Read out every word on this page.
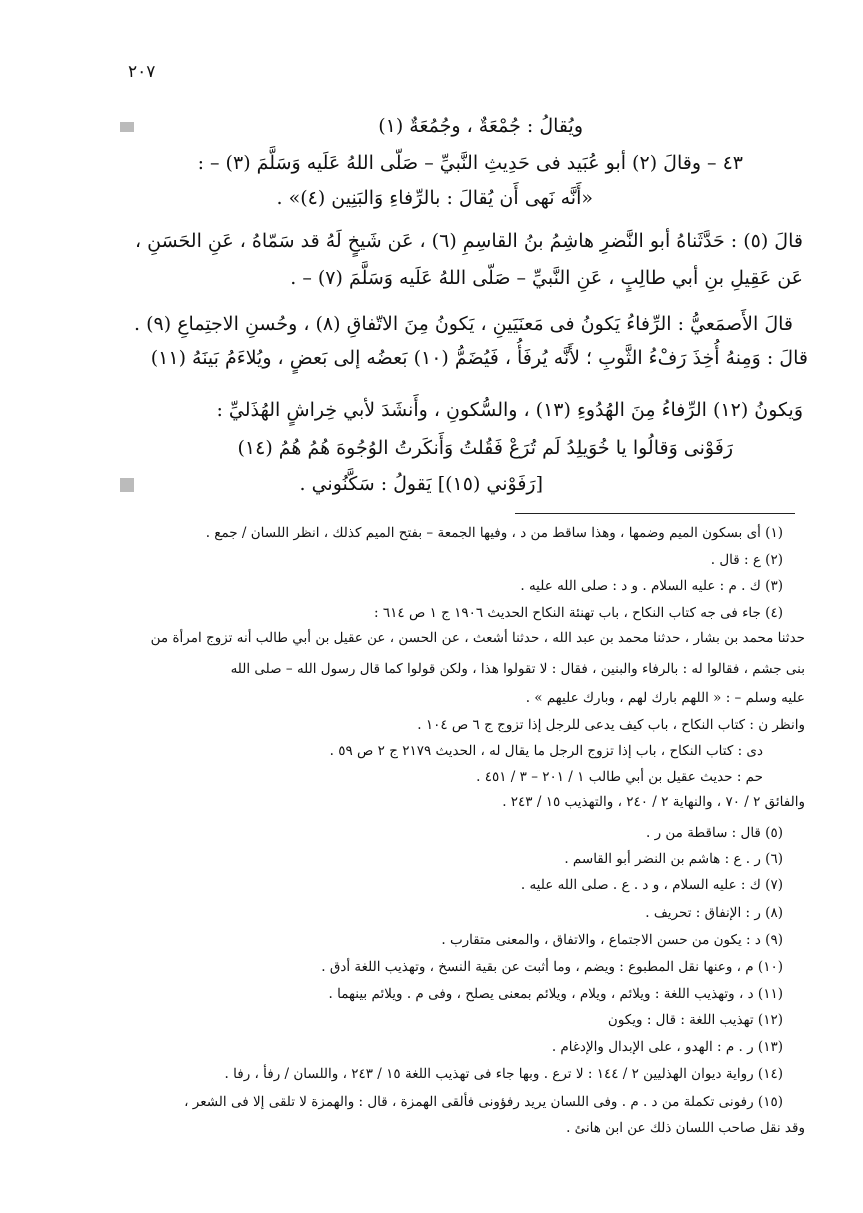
٢٠٧
ويُقالُ : جُمْعَةٌ ، وجُمُعَةٌ (١)
٤٣ – وقالَ (٢) أبو عُبَيد فى حَدِيثِ النَّبيِّ – صَلّى اللهُ عَلَيه وَسَلَّمَ (٣) – :
«أَنَّه نَهى أَن يُقالَ : بالرِّفاءِ وَالبَنِين (٤)» .
قالَ (٥) : حَدَّثَناهُ أبو النَّضرِ هاشِمُ بنُ القاسِمِ (٦) ، عَن شَيخٍ لَهُ قد سَمّاهُ ، عَنِ الحَسَنِ ،
عَن عَقِيلِ بنِ أبي طالِبٍ ، عَنِ النَّبيِّ – صَلّى اللهُ عَلَيه وَسَلَّمَ (٧) – .
قالَ الأَصمَعيُّ : الرِّفاءُ يَكونُ فى مَعنَيَينِ ، يَكونُ مِنَ الاتّفاقِ (٨) ، وحُسنِ الاجتِماعِ (٩) .
قالَ : وَمِنهُ أُخِذَ رَفْءُ الثَّوبِ ؛ لأَنَّه يُرفَأُ ، فَيُضَمُّ (١٠) بَعضُه إلى بَعضٍ ، ويُلاءَمُ بَينَهُ (١١)
وَيكونُ (١٢) الرِّفاءُ مِنَ الهُدُوءِ (١٣) ، والسُّكونِ ، وأَنشَدَ لأبي خِراشٍ الهُذَليِّ :
رَفَوْنى وَقالُوا يا خُوَيلِدُ لَم تُرَعْ فَقُلتُ وَأَنكَرتُ الوُجُوهَ هُمُ هُمُ (١٤)
[رَفَوْني (١٥)] يَقولُ : سَكَّنُوني .
(١) أى بسكون الميم وضمها ، وهذا ساقط من د ، وفيها الجمعة – بفتح الميم كذلك ، انظر اللسان / جمع .
(٢) ع : قال .
(٣) ك . م : عليه السلام . و د : صلى الله عليه .
(٤) جاء فى جه كتاب النكاح ، باب تهنئة النكاح الحديث ١٩٠٦ ج ١ ص ٦١٤ :
حدثنا محمد بن بشار ، حدثنا محمد بن عبد الله ، حدثنا أشعث ، عن الحسن ، عن عقيل بن أبي طالب أنه تزوج امرأة من
بنى جشم ، فقالوا له : بالرفاء والبنين ، فقال : لا تقولوا هذا ، ولكن قولوا كما قال رسول الله – صلى الله
عليه وسلم – : « اللهم بارك لهم ، وبارك عليهم » .
وانظر ن : كتاب النكاح ، باب كيف يدعى للرجل إذا تزوج ج ٦ ص ١٠٤ .
دى : كتاب النكاح ، باب إذا تزوج الرجل ما يقال له ، الحديث ٢١٧٩ ج ٢ ص ٥٩ .
حم : حديث عقيل بن أبي طالب ١ / ٢٠١ – ٣ / ٤٥١ .
والفائق ٢ / ٧٠ ، والنهاية ٢ / ٢٤٠ ، والتهذيب ١٥ / ٢٤٣ .
(٥) قال : ساقطة من ر .
(٦) ر . ع : هاشم بن النضر أبو القاسم .
(٧) ك : عليه السلام ، و د . ع . صلى الله عليه .
(٨) ر : الإنفاق : تحريف .
(٩) د : يكون من حسن الاجتماع ، والاتفاق ، والمعنى متقارب .
(١٠) م ، وعنها نقل المطبوع : ويضم ، وما أثبت عن بقية النسخ ، وتهذيب اللغة أدق .
(١١) د ، وتهذيب اللغة : ويلائم ، ويلام ، ويلائم بمعنى يصلح ، وفى م . ويلائم بينهما .
(١٢) تهذيب اللغة : قال : ويكون
(١٣) ر . م : الهدو ، على الإبدال والإدغام .
(١٤) رواية ديوان الهذليين ٢ / ١٤٤ : لا ترع . وبها جاء فى تهذيب اللغة ١٥ / ٢٤٣ ، واللسان / رفأ ، رفا .
(١٥) رفونى تكملة من د . م . وفى اللسان يريد رفؤونى فألقى الهمزة ، قال : والهمزة لا تلقى إلا فى الشعر ،
وقد نقل صاحب اللسان ذلك عن ابن هانئ .
